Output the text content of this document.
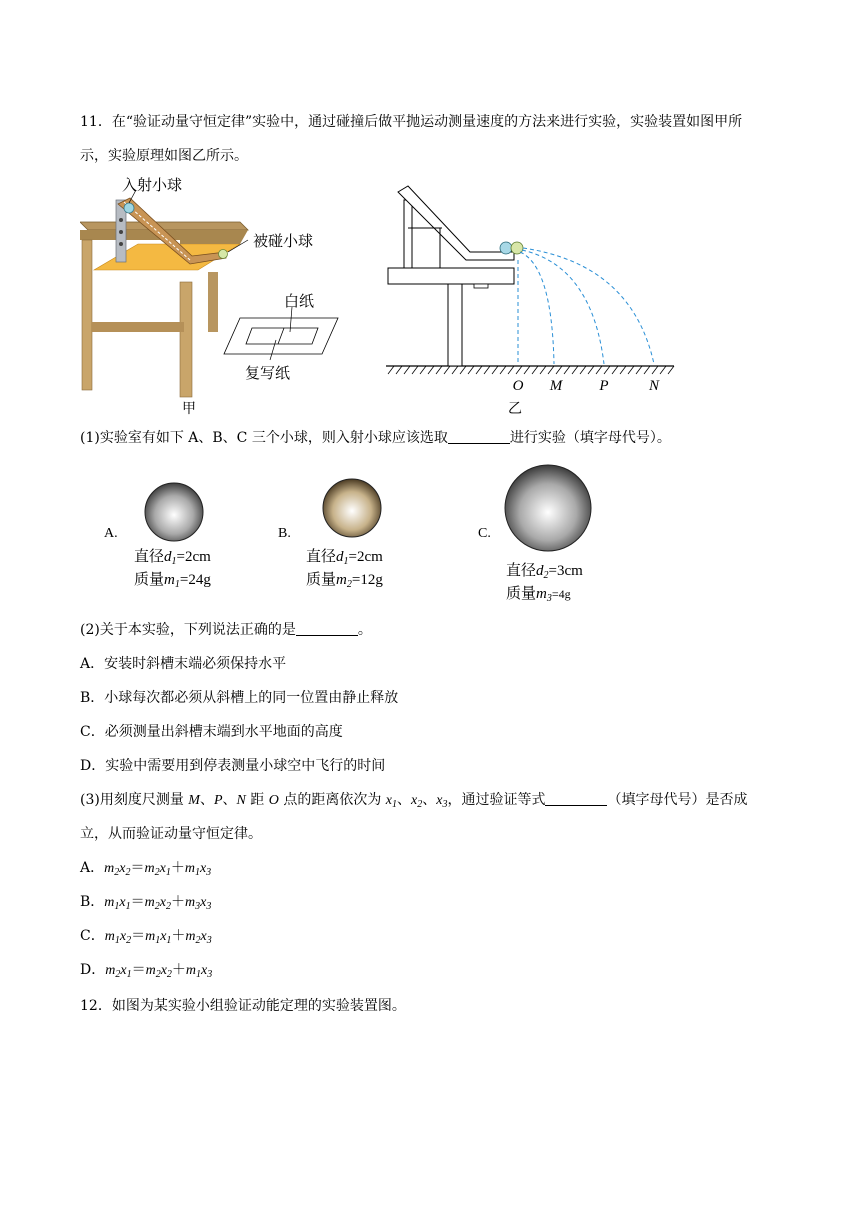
11．在“验证动量守恒定律”实验中，通过碰撞后做平抛运动测量速度的方法来进行实验，实验装置如图甲所
示，实验原理如图乙所示。
入射小球
被碰小球
白纸
复写纸
甲
O M P	N
乙
(1)实验室有如下 A、B、C 三个小球，则入射小球应该选取	进行实验（填字母代号）。
A.
直径$d_1=2cm$
质量$m_1=24g$
B.
直径$d_1=2cm$
质量$m_2=12g$
C.
直径$d_2=3cm$
质量$m_3=4g$
(2)关于本实验，下列说法正确的是	。
A．安装时斜槽末端必须保持水平
B．小球每次都必须从斜槽上的同一位置由静止释放
C．必须测量出斜槽末端到水平地面的高度
D．实验中需要用到停表测量小球空中飞行的时间
(3)用刻度尺测量 M、P、N 距 O 点的距离依次为 $x_1$、$x_2$、$x_3$，通过验证等式	（填字母代号）是否成
立，从而验证动量守恒定律。
A．$m_2x_2=m_2x_1+m_1x_3$
B．$m_1x_1=m_2x_2+m_3x_3$
C．$m_1x_2=m_1x_1+m_2x_3$
D．$m_2x_1=m_2x_2+m_1x_3$
12．如图为某实验小组验证动能定理的实验装置图。
